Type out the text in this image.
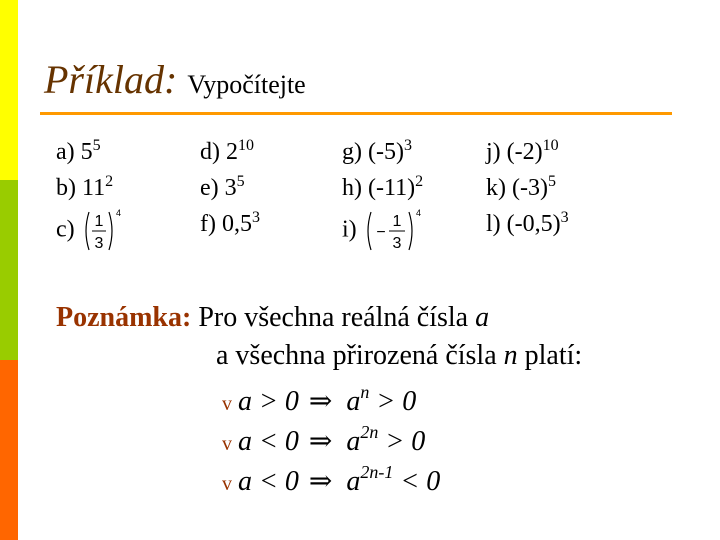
Příklad: Vypočítejte
a) $5^5$
b) $11^2$
c) 1
3
4
d) $2^{10}$
e) $3^5$
f) $0,5^3$
g) $(-5)^3$
h) $(-11)^2$
i) −
1
3
4
j) $(-2)^{10}$
k) $(-3)^5$
l) $(-0,5)^3$
Poznámka: Pro všechna reálná čísla a
a všechna přirozená čísla n platí:
v a > 0 ⇒ $a^n > 0$
v a < 0 ⇒ $a^{2n} > 0$
v a < 0 ⇒ $a^{2n-1} < 0$
